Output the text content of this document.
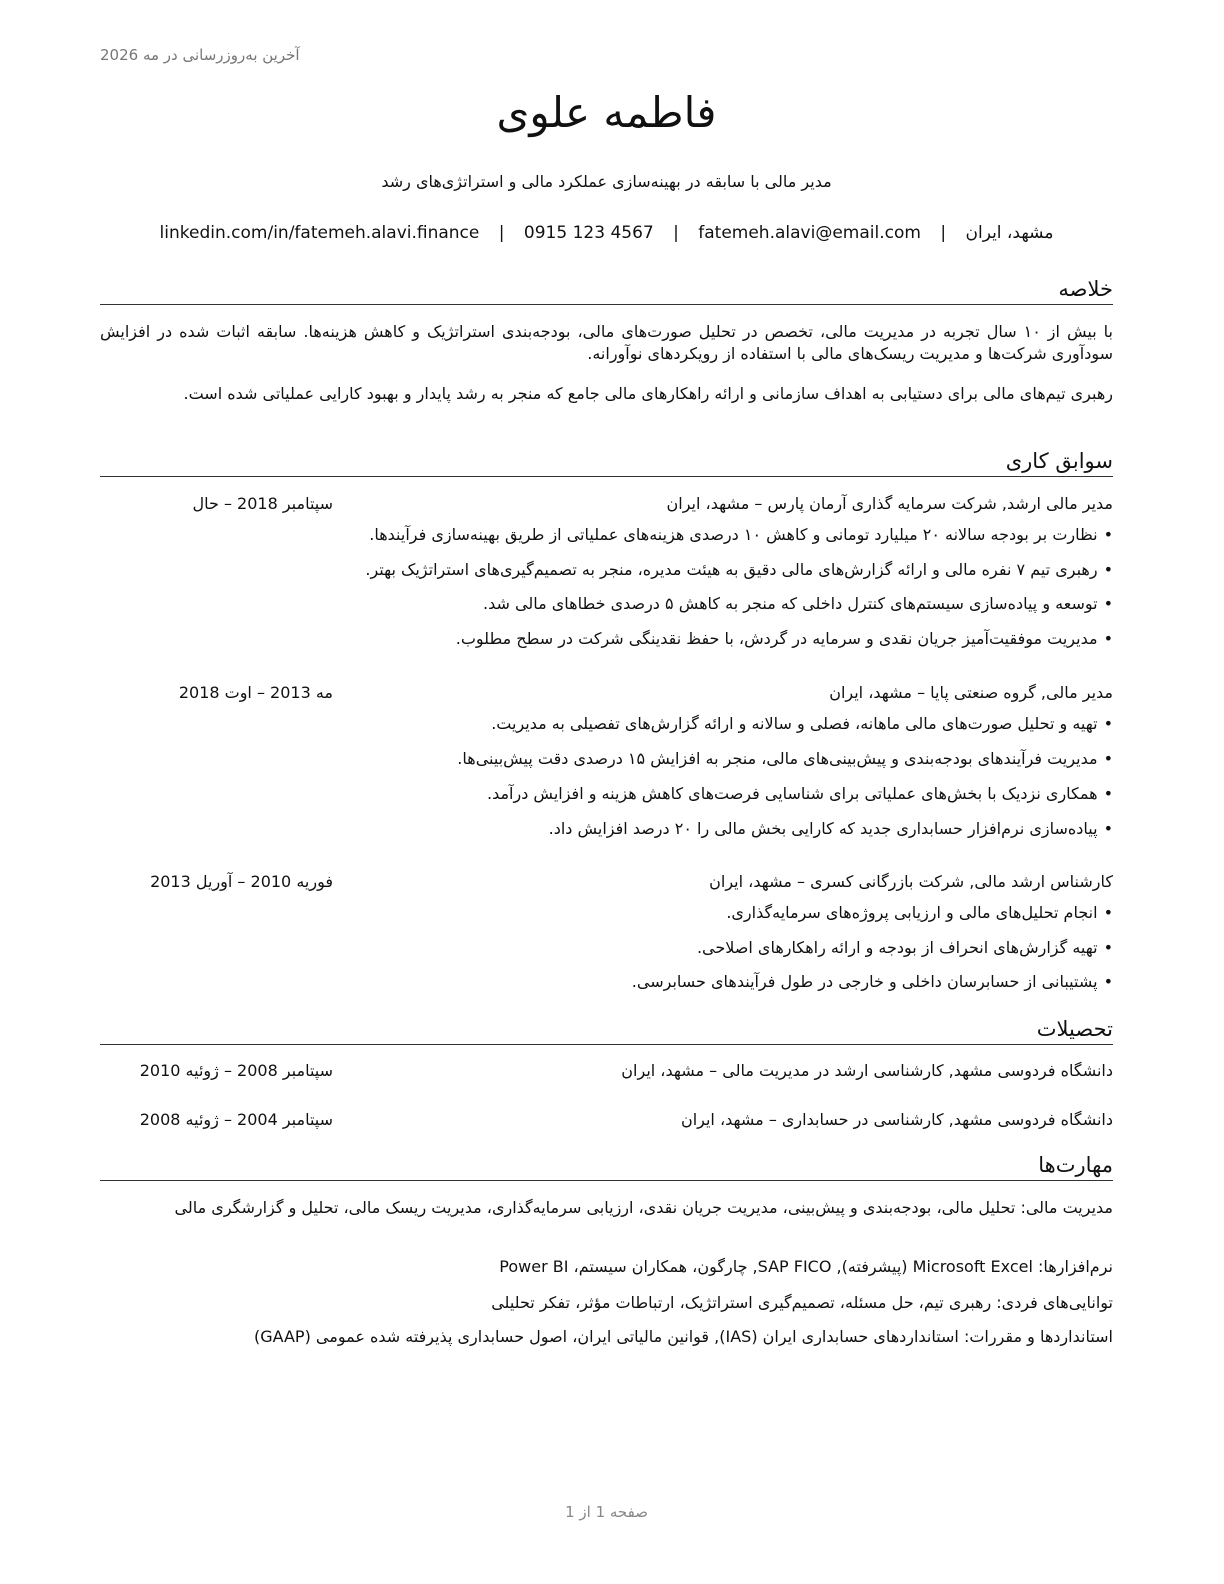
آخرین به‌روزرسانی در مه 2026
فاطمه علوی
مدیر مالی با سابقه در بهینه‌سازی عملکرد مالی و استراتژی‌های رشد
مشهد، ایران | fatemeh.alavi@email.com | 0915 123 4567 | linkedin.com/in/fatemeh.alavi.finance
خلاصه
با بیش از ۱۰ سال تجربه در مدیریت مالی، تخصص در تحلیل صورت‌های مالی، بودجه‌بندی استراتژیک و کاهش هزینه‌ها. سابقه اثبات شده در افزایش سودآوری شرکت‌ها و مدیریت ریسک‌های مالی با استفاده از رویکردهای نوآورانه.
رهبری تیم‌های مالی برای دستیابی به اهداف سازمانی و ارائه راهکارهای مالی جامع که منجر به رشد پایدار و بهبود کارایی عملیاتی شده است.
سوابق کاری
مدیر مالی ارشد, شرکت سرمایه گذاری آرمان پارس – مشهد، ایران
سپتامبر 2018 – حال
• نظارت بر بودجه سالانه ۲۰ میلیارد تومانی و کاهش ۱۰ درصدی هزینه‌های عملیاتی از طریق بهینه‌سازی فرآیندها.
• رهبری تیم ۷ نفره مالی و ارائه گزارش‌های مالی دقیق به هیئت مدیره، منجر به تصمیم‌گیری‌های استراتژیک بهتر.
• توسعه و پیاده‌سازی سیستم‌های کنترل داخلی که منجر به کاهش ۵ درصدی خطاهای مالی شد.
• مدیریت موفقیت‌آمیز جریان نقدی و سرمایه در گردش، با حفظ نقدینگی شرکت در سطح مطلوب.
مدیر مالی, گروه صنعتی پایا – مشهد، ایران
مه 2013 – اوت 2018
• تهیه و تحلیل صورت‌های مالی ماهانه، فصلی و سالانه و ارائه گزارش‌های تفصیلی به مدیریت.
• مدیریت فرآیندهای بودجه‌بندی و پیش‌بینی‌های مالی، منجر به افزایش ۱۵ درصدی دقت پیش‌بینی‌ها.
• همکاری نزدیک با بخش‌های عملیاتی برای شناسایی فرصت‌های کاهش هزینه و افزایش درآمد.
• پیاده‌سازی نرم‌افزار حسابداری جدید که کارایی بخش مالی را ۲۰ درصد افزایش داد.
کارشناس ارشد مالی, شرکت بازرگانی کسری – مشهد، ایران
فوریه 2010 – آوریل 2013
• انجام تحلیل‌های مالی و ارزیابی پروژه‌های سرمایه‌گذاری.
• تهیه گزارش‌های انحراف از بودجه و ارائه راهکارهای اصلاحی.
• پشتیبانی از حسابرسان داخلی و خارجی در طول فرآیندهای حسابرسی.
تحصیلات
دانشگاه فردوسی مشهد, کارشناسی ارشد در مدیریت مالی – مشهد، ایران
سپتامبر 2008 – ژوئیه 2010
دانشگاه فردوسی مشهد, کارشناسی در حسابداری – مشهد، ایران
سپتامبر 2004 – ژوئیه 2008
مهارت‌ها
مدیریت مالی: تحلیل مالی، بودجه‌بندی و پیش‌بینی، مدیریت جریان نقدی، ارزیابی سرمایه‌گذاری، مدیریت ریسک مالی، تحلیل و گزارشگری مالی
نرم‌افزارها: Microsoft Excel (پیشرفته), SAP FICO, چارگون، همکاران سیستم، Power BI
توانایی‌های فردی: رهبری تیم، حل مسئله، تصمیم‌گیری استراتژیک، ارتباطات مؤثر، تفکر تحلیلی
استانداردها و مقررات: استانداردهای حسابداری ایران (IAS), قوانین مالیاتی ایران، اصول حسابداری پذیرفته شده عمومی (GAAP)
صفحه 1 از 1
